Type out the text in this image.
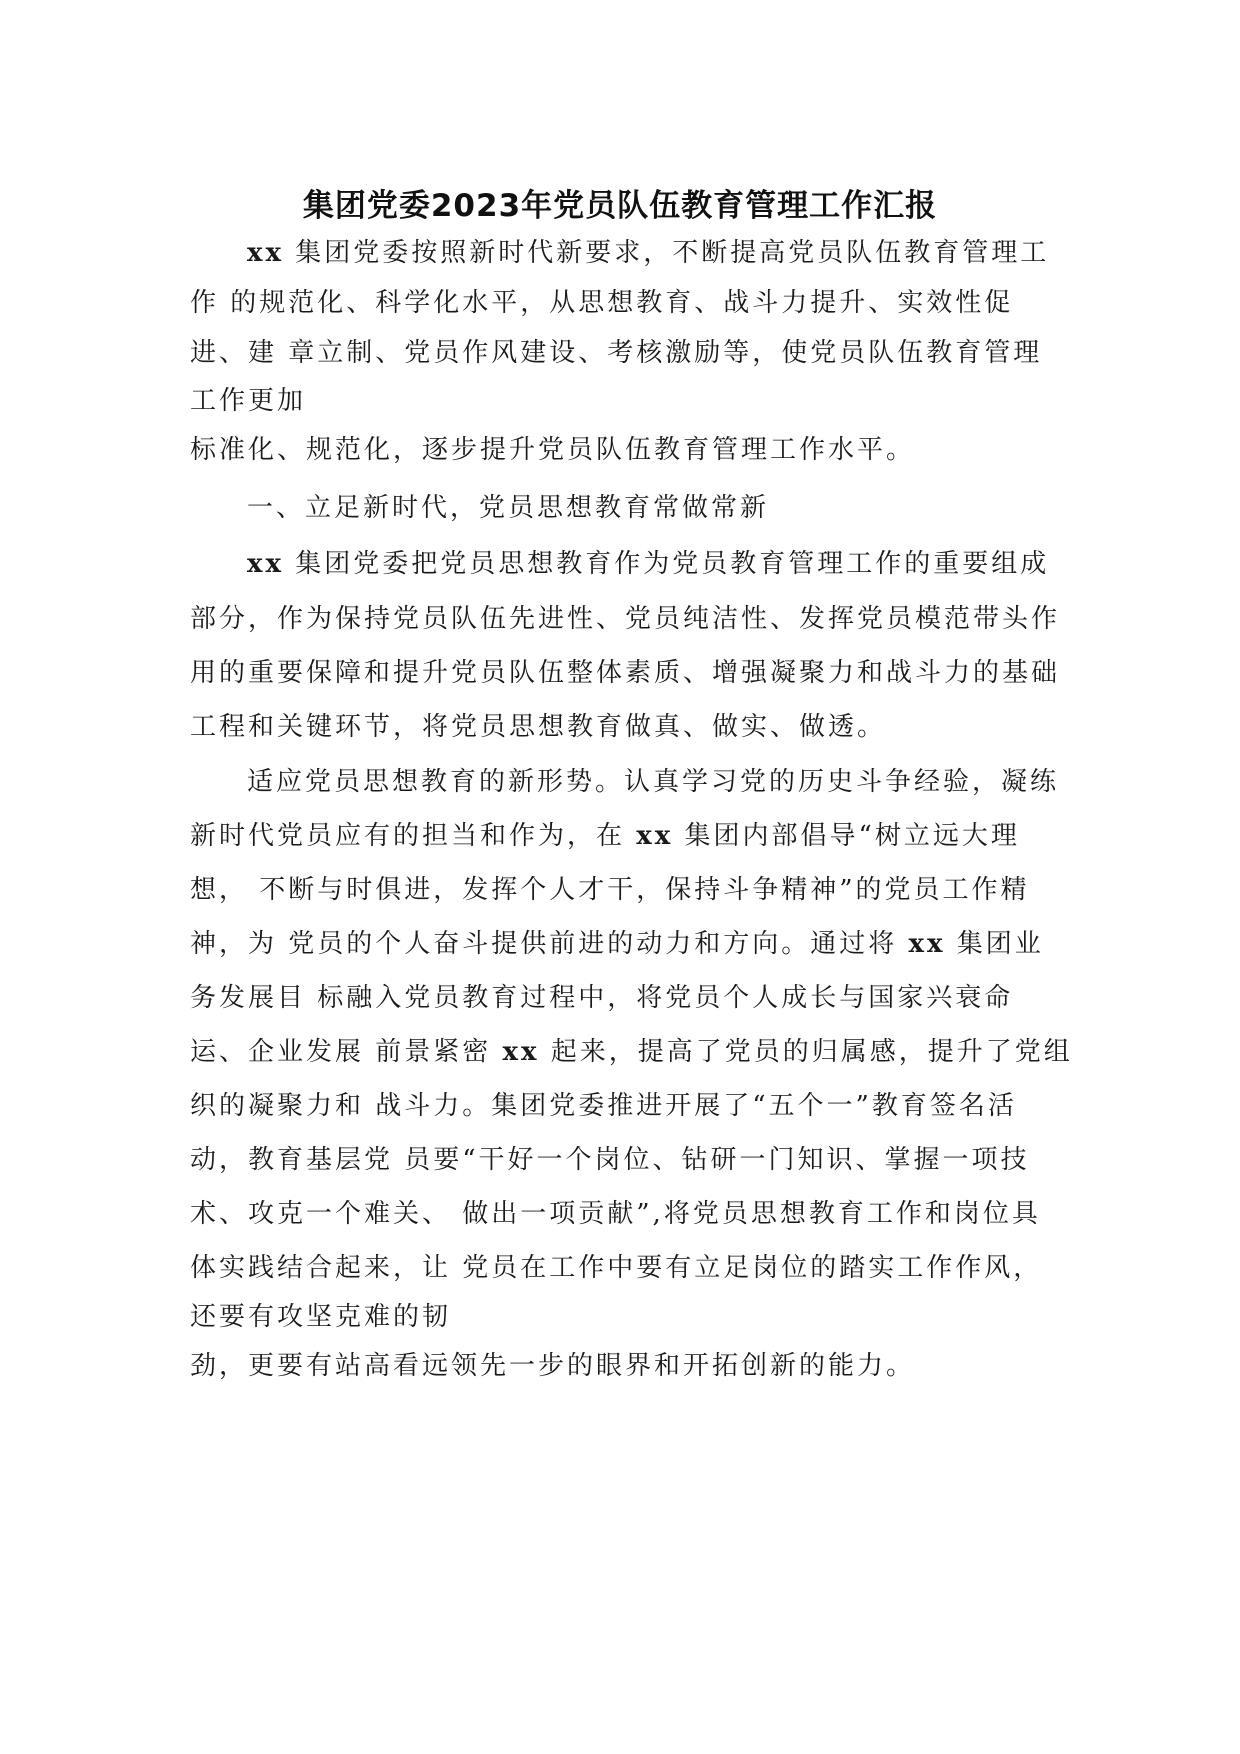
集团党委2023年党员队伍教育管理工作汇报
xx 集团党委按照新时代新要求，不断提高党员队伍教育管理工
作 的规范化、科学化水平，从思想教育、战斗力提升、实效性促
进、建 章立制、党员作风建设、考核激励等，使党员队伍教育管理
工作更加
标准化、规范化，逐步提升党员队伍教育管理工作水平。
一、立足新时代，党员思想教育常做常新
xx 集团党委把党员思想教育作为党员教育管理工作的重要组成
部分，作为保持党员队伍先进性、党员纯洁性、发挥党员模范带头作
用的重要保障和提升党员队伍整体素质、增强凝聚力和战斗力的基础
工程和关键环节，将党员思想教育做真、做实、做透。
适应党员思想教育的新形势。认真学习党的历史斗争经验，凝练
新时代党员应有的担当和作为，在 xx 集团内部倡导“树立远大理
想， 不断与时俱进，发挥个人才干，保持斗争精神”的党员工作精
神，为 党员的个人奋斗提供前进的动力和方向。通过将 xx 集团业
务发展目 标融入党员教育过程中，将党员个人成长与国家兴衰命
运、企业发展 前景紧密 xx 起来，提高了党员的归属感，提升了党组
织的凝聚力和 战斗力。集团党委推进开展了“五个一”教育签名活
动，教育基层党 员要“干好一个岗位、钻研一门知识、掌握一项技
术、攻克一个难关、 做出一项贡献”,将党员思想教育工作和岗位具
体实践结合起来，让 党员在工作中要有立足岗位的踏实工作作风，
还要有攻坚克难的韧
劲，更要有站高看远领先一步的眼界和开拓创新的能力。
